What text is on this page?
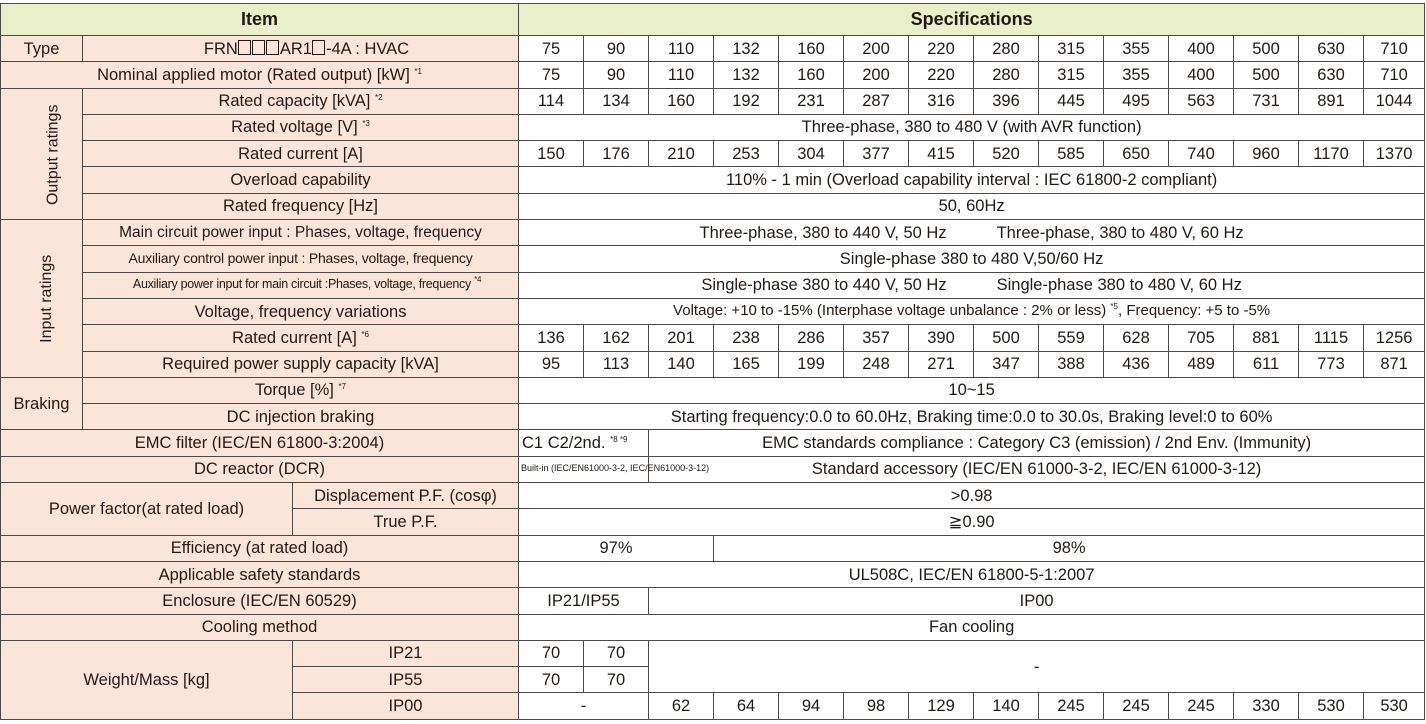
Item			Specifications													
Type	FRN AR1 -4A : HVAC		75	90	110	132	160	200	220	280	315	355	400	500	630	710
Nominal applied motor (Rated output) [kW] $^{*1}$			75	90	110	132	160	200	220	280	315	355	400	500	630	710
Output ratings	Rated capacity [kVA] $^{*2}$		114	134	160	192	231	287	316	396	445	495	563	731	891	1044
	Rated voltage [V] $^{*3}$		Three-phase, 380 to 480 V (with AVR function)													
	Rated current [A]		150	176	210	253	304	377	415	520	585	650	740	960	1170	1370
	Overload capability		110% - 1 min (Overload capability interval : IEC 61800-2 compliant)													
	Rated frequency [Hz]		50, 60Hz													
Input ratings	Main circuit power input : Phases, voltage, frequency		Three-phase, 380 to 440 V, 50 Hz Three-phase, 380 to 480 V, 60 Hz													
	Auxiliary control power input : Phases, voltage, frequency		Single-phase 380 to 480 V,50/60 Hz													
	Auxiliary power input for main circuit :Phases, voltage, frequency $^{*4}$		Single-phase 380 to 440 V, 50 Hz Single-phase 380 to 480 V, 60 Hz													
	Voltage, frequency variations		Voltage: +10 to -15% (Interphase voltage unbalance : 2% or less) $^{*5}$, Frequency: +5 to -5%													
	Rated current [A] $^{*6}$		136	162	201	238	286	357	390	500	559	628	705	881	1115	1256
	Required power supply capacity [kVA]		95	113	140	165	199	248	271	347	388	436	489	611	773	871
Braking	Torque [%] $^{*7}$		10~15													
	DC injection braking		Starting frequency:0.0 to 60.0Hz, Braking time:0.0 to 30.0s, Braking level:0 to 60%													
EMC filter (IEC/EN 61800-3:2004)			C1 C2/2nd. $^{*8 *9}$		EMC standards compliance : Category C3 (emission) / 2nd Env. (Immunity)											
DC reactor (DCR)			Built-in (IEC/EN61000-3-2, IEC/EN61000-3-12)		Standard accessory (IEC/EN 61000-3-2, IEC/EN 61000-3-12)											
Power factor(at rated load)		Displacement P.F. (cosφ)	>0.98													
		True P.F.	≧0.90													
Efficiency (at rated load)			97%			98%										
Applicable safety standards			UL508C, IEC/EN 61800-5-1:2007													
Enclosure (IEC/EN 60529)			IP21/IP55		IP00											
Cooling method			Fan cooling													
Weight/Mass [kg]		IP21	70	70	-											
		IP55	70	70												
		IP00	-		62	64	94	98	129	140	245	245	245	330	530	530
